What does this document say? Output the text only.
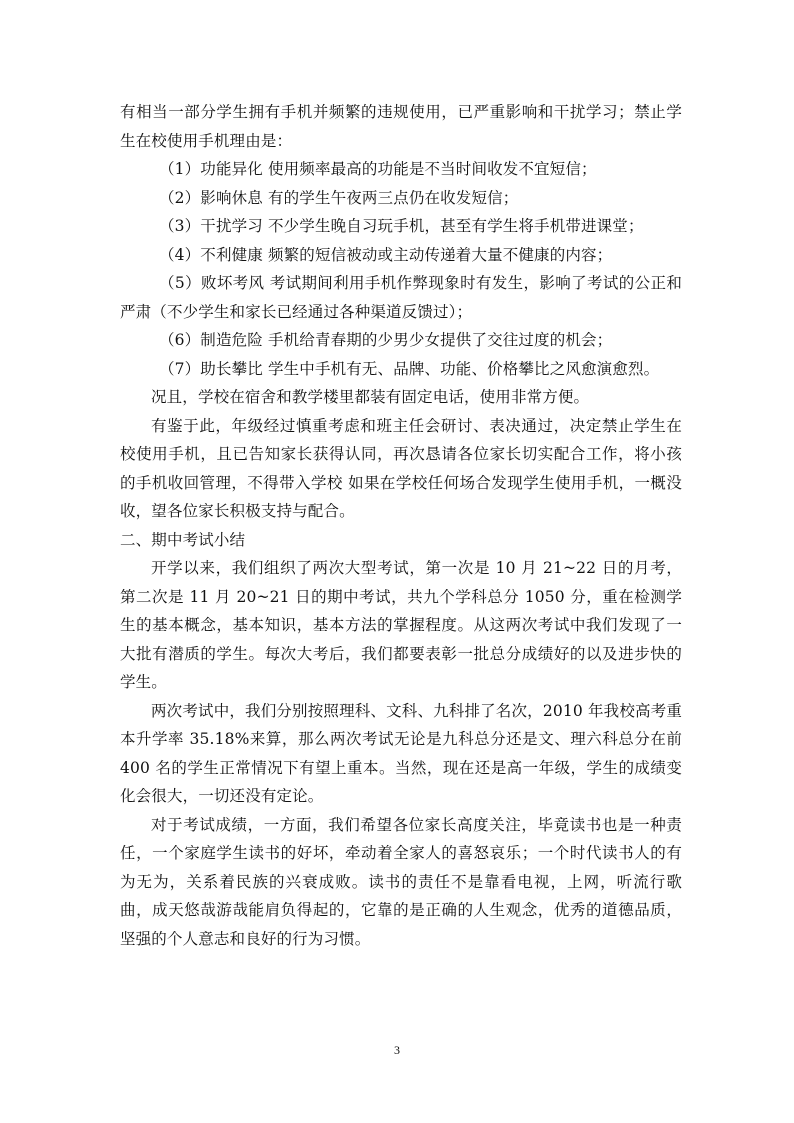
有相当一部分学生拥有手机并频繁的违规使用，已严重影响和干扰学习；禁止学生在校使用手机理由是：

（1）功能异化 使用频率最高的功能是不当时间收发不宜短信；

（2）影响休息 有的学生午夜两三点仍在收发短信；

（3）干扰学习 不少学生晚自习玩手机，甚至有学生将手机带进课堂；

（4）不利健康 频繁的短信被动或主动传递着大量不健康的内容；

（5）败坏考风 考试期间利用手机作弊现象时有发生，影响了考试的公正和严肃（不少学生和家长已经通过各种渠道反馈过）；

（6）制造危险 手机给青春期的少男少女提供了交往过度的机会；

（7）助长攀比 学生中手机有无、品牌、功能、价格攀比之风愈演愈烈。

况且，学校在宿舍和教学楼里都装有固定电话，使用非常方便。

有鉴于此，年级经过慎重考虑和班主任会研讨、表决通过，决定禁止学生在校使用手机，且已告知家长获得认同，再次恳请各位家长切实配合工作，将小孩的手机收回管理，不得带入学校 如果在学校任何场合发现学生使用手机，一概没收，望各位家长积极支持与配合。

二、期中考试小结

开学以来，我们组织了两次大型考试，第一次是 10 月 21~22 日的月考，第二次是 11 月 20~21 日的期中考试，共九个学科总分 1050 分，重在检测学生的基本概念，基本知识，基本方法的掌握程度。从这两次考试中我们发现了一大批有潜质的学生。每次大考后，我们都要表彰一批总分成绩好的以及进步快的学生。

两次考试中，我们分别按照理科、文科、九科排了名次，2010 年我校高考重本升学率 35.18%来算，那么两次考试无论是九科总分还是文、理六科总分在前 400 名的学生正常情况下有望上重本。当然，现在还是高一年级，学生的成绩变化会很大，一切还没有定论。

对于考试成绩，一方面，我们希望各位家长高度关注，毕竟读书也是一种责任，一个家庭学生读书的好坏，牵动着全家人的喜怒哀乐；一个时代读书人的有为无为，关系着民族的兴衰成败。读书的责任不是靠看电视，上网，听流行歌曲，成天悠哉游哉能肩负得起的，它靠的是正确的人生观念，优秀的道德品质，坚强的个人意志和良好的行为习惯。

3
